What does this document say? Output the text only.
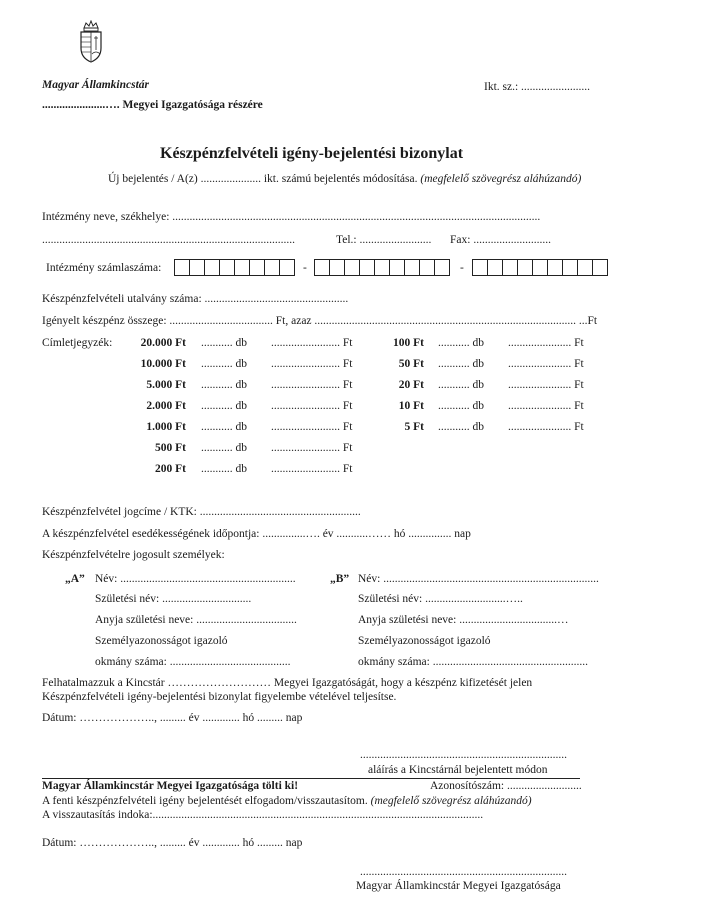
Magyar Államkincstár	Ikt. sz.: ........................
......................…. Megyei Igazgatósága részére
Készpénzfelvételi igény-bejelentési bizonylat
Új bejelentés / A(z) ..................... ikt. számú bejelentés módosítása. (megfelelő szövegrész aláhúzandó)
Intézmény neve, székhelye: ................................................................................................................................
........................................................................................	Tel.: ......................... Fax: ...........................
Intézmény számlaszáma:	-	-
Készpénzfelvételi utalvány száma: ..................................................
Igényelt készpénz összege: .................................... Ft, azaz ........................................................................................... ...Ft
Címletjegyzék:	20.000 Ft ........... db ........................ Ft
10.000 Ft ........... db ........................ Ft
5.000 Ft ........... db ........................ Ft
2.000 Ft ........... db ........................ Ft
1.000 Ft ........... db ........................ Ft
500 Ft ........... db ........................ Ft
200 Ft ........... db ........................ Ft
100 Ft ........... db ...................... Ft
50 Ft ........... db ...................... Ft
20 Ft ........... db ...................... Ft
10 Ft ........... db ...................... Ft
5 Ft ........... db ...................... Ft
Készpénzfelvétel jogcíme / KTK: ........................................................
A készpénzfelvétel esedékességének időpontja: ...............…. év ...........…… hó ............... nap
Készpénzfelvételre jogosult személyek:
„A” Név: .............................................................
Születési név: ...............................
Anyja születési neve: ...................................
Személyazonosságot igazoló
okmány száma: ..........................................
„B” Név: ...........................................................................
Születési név: ............................…..
Anyja születési neve: ..................................…
Személyazonosságot igazoló
okmány száma: ......................................................
Felhatalmazzuk a Kincstár ……………………… Megyei Igazgatóságát, hogy a készpénz kifizetését jelen
Készpénzfelvételi igény-bejelentési bizonylat figyelembe vételével teljesítse.
Dátum: ……………….., ......... év ............. hó ......... nap
........................................................................
aláírás a Kincstárnál bejelentett módon
Magyar Államkincstár Megyei Igazgatósága tölti ki!	Azonosítószám: ..........................
A fenti készpénzfelvételi igény bejelentését elfogadom/visszautasítom. (megfelelő szövegrész aláhúzandó)
A visszautasítás indoka:...................................................................................................................
Dátum: ……………….., ......... év ............. hó ......... nap
........................................................................
Magyar Államkincstár Megyei Igazgatósága
